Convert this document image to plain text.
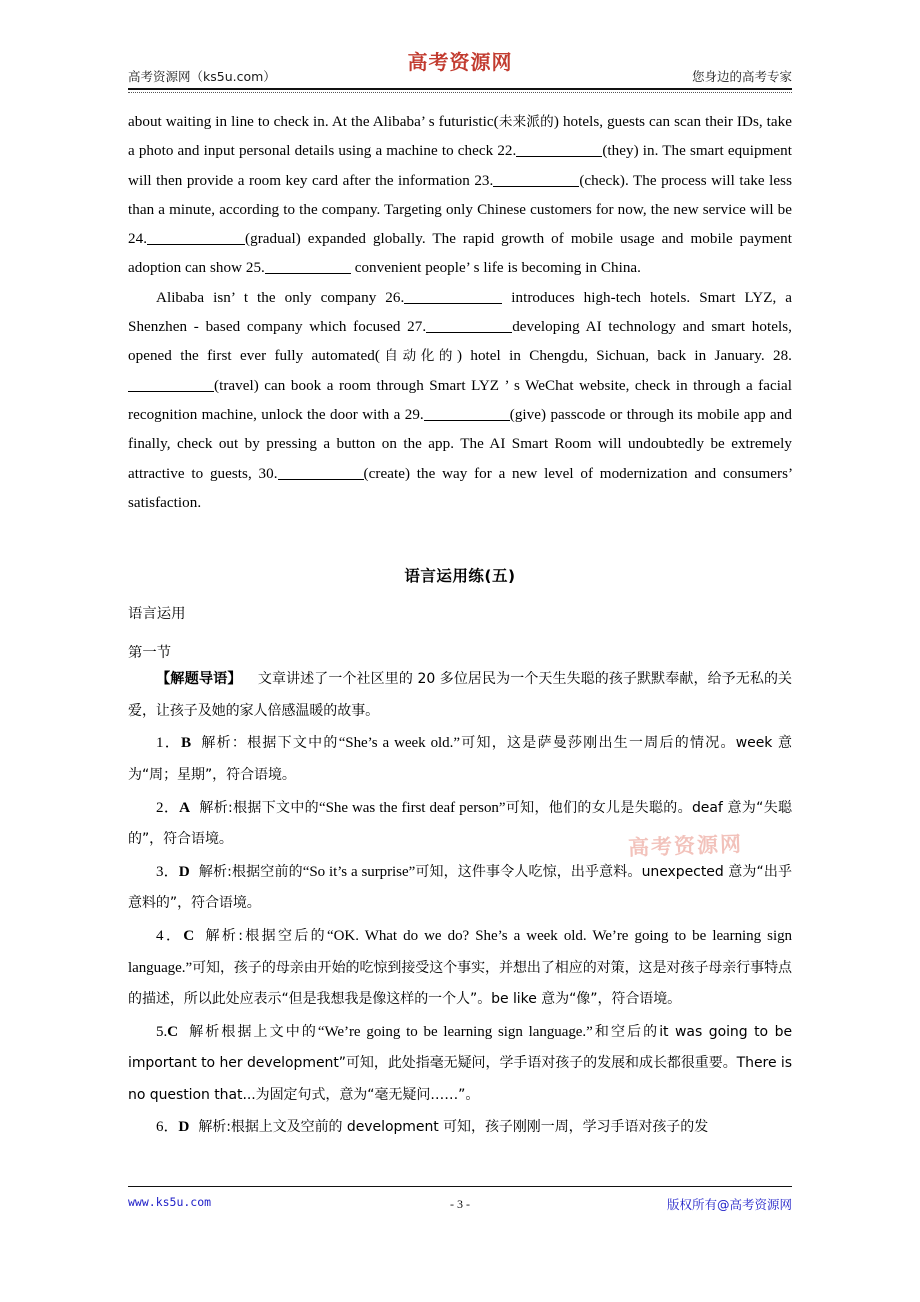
高考资源网
高考资源网（ks5u.com）	您身边的高考专家
高考资源网

about waiting in line to check in. At the Alibaba’ s futuristic(未来派的) hotels, guests can scan their IDs, take a photo and input personal details using a machine to check 22.	(they) in. The smart equipment will then provide a room key card after the information 23.	(check). The process will take less than a minute, according to the company. Targeting only Chinese customers for now, the new service will be 24.	(gradual) expanded globally. The rapid growth of mobile usage and mobile payment adoption can show 25.	convenient people’ s life is becoming in China.

Alibaba isn’ t the only company 26.	introduces high-tech hotels. Smart LYZ, a Shenzhen - based company which focused 27.	developing AI technology and smart hotels, opened the first ever fully automated(自动化的) hotel in Chengdu, Sichuan, back in January. 28.(travel) can book a room through Smart LYZ ’ s WeChat website, check in through a facial recognition machine, unlock the door with a 29.	(give) passcode or through its mobile app and finally, check out by pressing a button on the app. The AI Smart Room will undoubtedly be extremely attractive to guests, 30.	(create) the way for a new level of modernization and consumers’ satisfaction.

语言运用练(五)
语言运用
第一节

【解题导语】 文章讲述了一个社区里的 20 多位居民为一个天生失聪的孩子默默奉献，给予无私的关爱，让孩子及她的家人倍感温暖的故事。

1．B 解析：根据下文中的“She’s a week old.”可知，这是萨曼莎刚出生一周后的情况。week 意为“周；星期”，符合语境。

2．A 解析:根据下文中的“She was the first deaf person”可知，他们的女儿是失聪的。deaf 意为“失聪的”，符合语境。

3．D 解析:根据空前的“So it’s a surprise”可知，这件事令人吃惊，出乎意料。unexpected 意为“出乎意料的”，符合语境。

4．C 解析:根据空后的“OK. What do we do? She’s a week old. We’re going to be learning sign language.”可知，孩子的母亲由开始的吃惊到接受这个事实，并想出了相应的对策，这是对孩子母亲行事特点的描述，所以此处应表示“但是我想我是像这样的一个人”。be like 意为“像”，符合语境。

5.C 解析根据上文中的“We’re going to be learning sign language.”和空后的it was going to be important to her development”可知，此处指毫无疑问，学手语对孩子的发展和成长都很重要。There is no question that...为固定句式，意为“毫无疑问……”。

6．D 解析:根据上文及空前的 development 可知，孩子刚刚一周，学习手语对孩子的发

www.ks5u.com	- 3 -	版权所有@高考资源网
